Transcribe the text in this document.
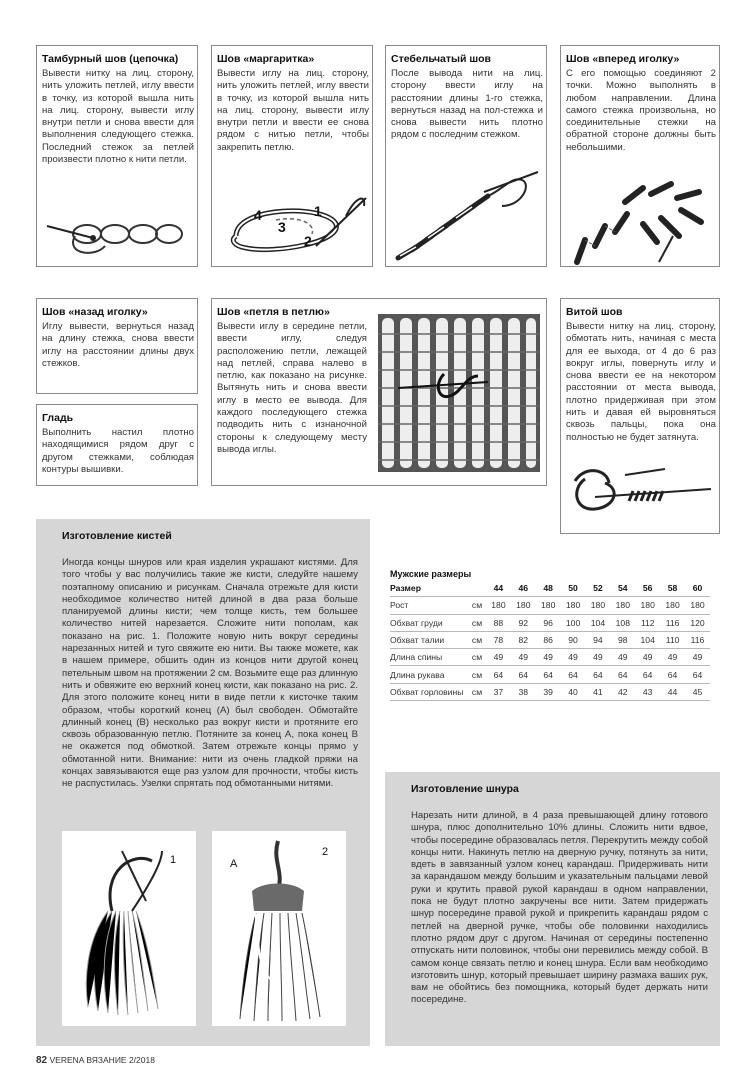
Тамбурный шов (цепочка)
Вывести нитку на лиц. сторону, нить уложить петлей, иглу ввести в точку, из которой вышла нить на лиц. сторону, вывести иглу внутри петли и снова ввести для выполнения следующего стежка. Последний стежок за петлей произвести плотно к нити петли.
Шов «маргаритка»
Вывести иглу на лиц. сторону, нить уложить петлей, иглу ввести в точку, из которой вышла нить на лиц. сторону, вывести иглу внутри петли и ввести ее снова рядом с нитью петли, чтобы закрепить петлю.
4
3
1
2
Стебельчатый шов
После вывода нити на лиц. сторону ввести иглу на расстоянии длины 1-го стежка, вернуться назад на пол-стежка и снова вывести нить плотно рядом с последним стежком.
Шов «вперед иголку»
С его помощью соединяют 2 точки. Можно выполнять в любом направлении. Длина самого стежка произвольна, но соединительные стежки на обратной стороне должны быть небольшими.
Шов «назад иголку»
Иглу вывести, вернуться назад на длину стежка, снова ввести иглу на расстоянии длины двух стежков.
Гладь
Выполнить настил плотно находящимися рядом друг с другом стежками, соблюдая контуры вышивки.
Шов «петля в петлю»
Вывести иглу в середине петли, ввести иглу, следуя расположению петли, лежащей над петлей, справа налево в петлю, как показано на рисунке. Вытянуть нить и снова ввести иглу в место ее вывода. Для каждого последующего стежка подводить нить с изнаночной стороны к следующему месту вывода иглы.
Витой шов
Вывести нитку на лиц. сторону, обмотать нить, начиная с места для ее выхода, от 4 до 6 раз вокруг иглы, повернуть иглу и снова ввести ее на некотором расстоянии от места вывода, плотно придерживая при этом нить и давая ей выровняться сквозь пальцы, пока она полностью не будет затянута.
Изготовление кистей
Иногда концы шнуров или края изделия украшают кистями. Для того чтобы у вас получились такие же кисти, следуйте нашему поэтапному описанию и рисункам. Сначала отрежьте для кисти необходимое количество нитей длиной в два раза больше планируемой длины кисти; чем толще кисть, тем большее количество нитей нарезается. Сложите нити пополам, как показано на рис. 1. Положите новую нить вокруг середины нарезанных нитей и туго свяжите ею нити. Вы также можете, как в нашем примере, обшить один из концов нити другой конец петельным швом на протяжении 2 см. Возьмите еще раз длинную нить и обвяжите ею верхний конец кисти, как показано на рис. 2. Для этого положите конец нити в виде петли к кисточке таким образом, чтобы короткий конец (А) был свободен. Обмотайте длинный конец (В) несколько раз вокруг кисти и протяните его сквозь образованную петлю. Потяните за конец А, пока конец В не окажется под обмоткой. Затем отрежьте концы прямо у обмотанной нити. Внимание: нити из очень гладкой пряжи на концах завязываются еще раз узлом для прочности, чтобы кисть не распустилась. Узелки спрятать под обмотанными нитями.
1	A
B
2
Мужские размеры
Размер		44	46	48	50	52	54	56	58	60
Рост	см	180	180	180	180	180	180	180	180	180
Обхват груди	см	88	92	96	100	104	108	112	116	120
Обхват талии	см	78	82	86	90	94	98	104	110	116
Длина спины	см	49	49	49	49	49	49	49	49	49
Длина рукава	см	64	64	64	64	64	64	64	64	64
Обхват горловины	см	37	38	39	40	41	42	43	44	45
Изготовление шнура
Нарезать нити длиной, в 4 раза превышающей длину готового шнура, плюс дополнительно 10% длины. Сложить нити вдвое, чтобы посередине образовалась петля. Перекрутить между собой концы нити. Накинуть петлю на дверную ручку, потянуть за нити, вдеть в завязанный узлом конец карандаш. Придерживать нити за карандашом между большим и указательным пальцами левой руки и крутить правой рукой карандаш в одном направлении, пока не будут плотно закручены все нити. Затем придержать шнур посередине правой рукой и прикрепить карандаш рядом с петлей на дверной ручке, чтобы обе половинки находились плотно рядом друг с другом. Начиная от середины постепенно отпускать нити половинок, чтобы они перевились между собой. В самом конце связать петлю и конец шнура. Если вам необходимо изготовить шнур, который превышает ширину размаха ваших рук, вам не обойтись без помощника, который будет держать нити посередине.
82 VERENA ВЯЗАНИЕ 2/2018
